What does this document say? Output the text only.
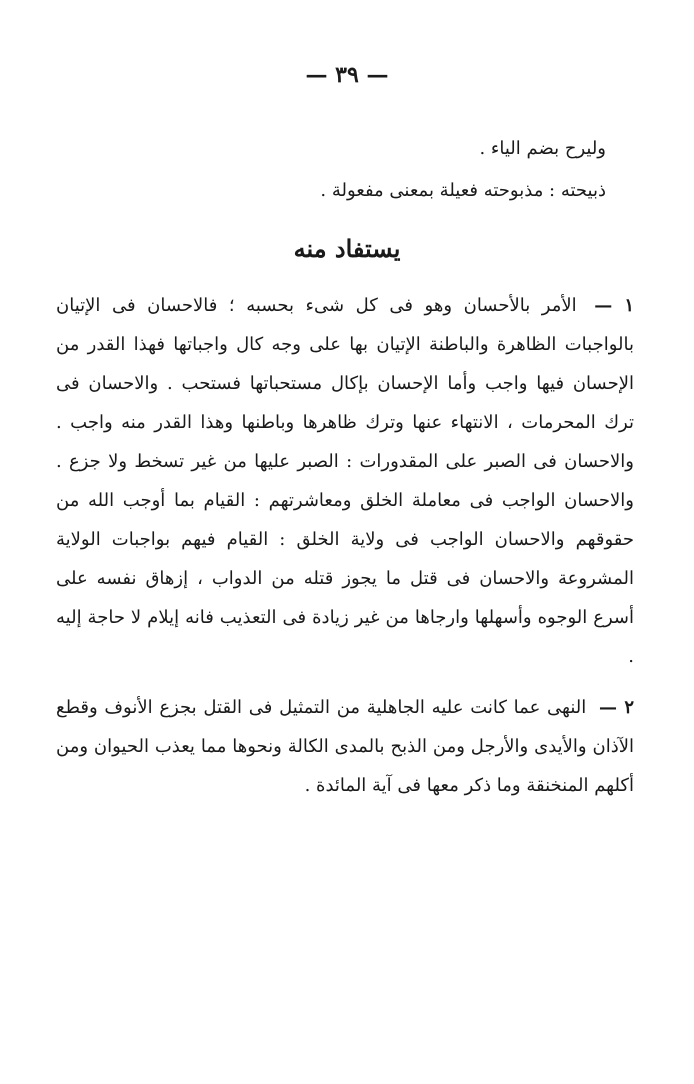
— ٣٩ —

وليرح بضم الياء .

ذبيحته : مذبوحته فعيلة بمعنى مفعولة .

يستفاد منه

١ — الأمر بالأحسان وهو فى كل شىء بحسبه ؛ فالاحسان فى الإتيان بالواجبات الظاهرة والباطنة الإتيان بها على وجه كال واجباتها فهذا القدر من الإحسان فيها واجب وأما الإحسان بإكال مستحباتها فستحب . والاحسان فى ترك المحرمات ، الانتهاء عنها وترك ظاهرها وباطنها وهذا القدر منه واجب . والاحسان فى الصبر على المقدورات : الصبر عليها من غير تسخط ولا جزع . والاحسان الواجب فى معاملة الخلق ومعاشرتهم : القيام بما أوجب الله من حقوقهم والاحسان الواجب فى ولاية الخلق : القيام فيهم بواجبات الولاية المشروعة والاحسان فى قتل ما يجوز قتله من الدواب ، إزهاق نفسه على أسرع الوجوه وأسهلها وارجاها من غير زيادة فى التعذيب فانه إيلام لا حاجة إليه .

٢ — النهى عما كانت عليه الجاهلية من التمثيل فى القتل بجزع الأنوف وقطع الآذان والأيدى والأرجل ومن الذبح بالمدى الكالة ونحوها مما يعذب الحيوان ومن أكلهم المنخنقة وما ذكر معها فى آية المائدة .
